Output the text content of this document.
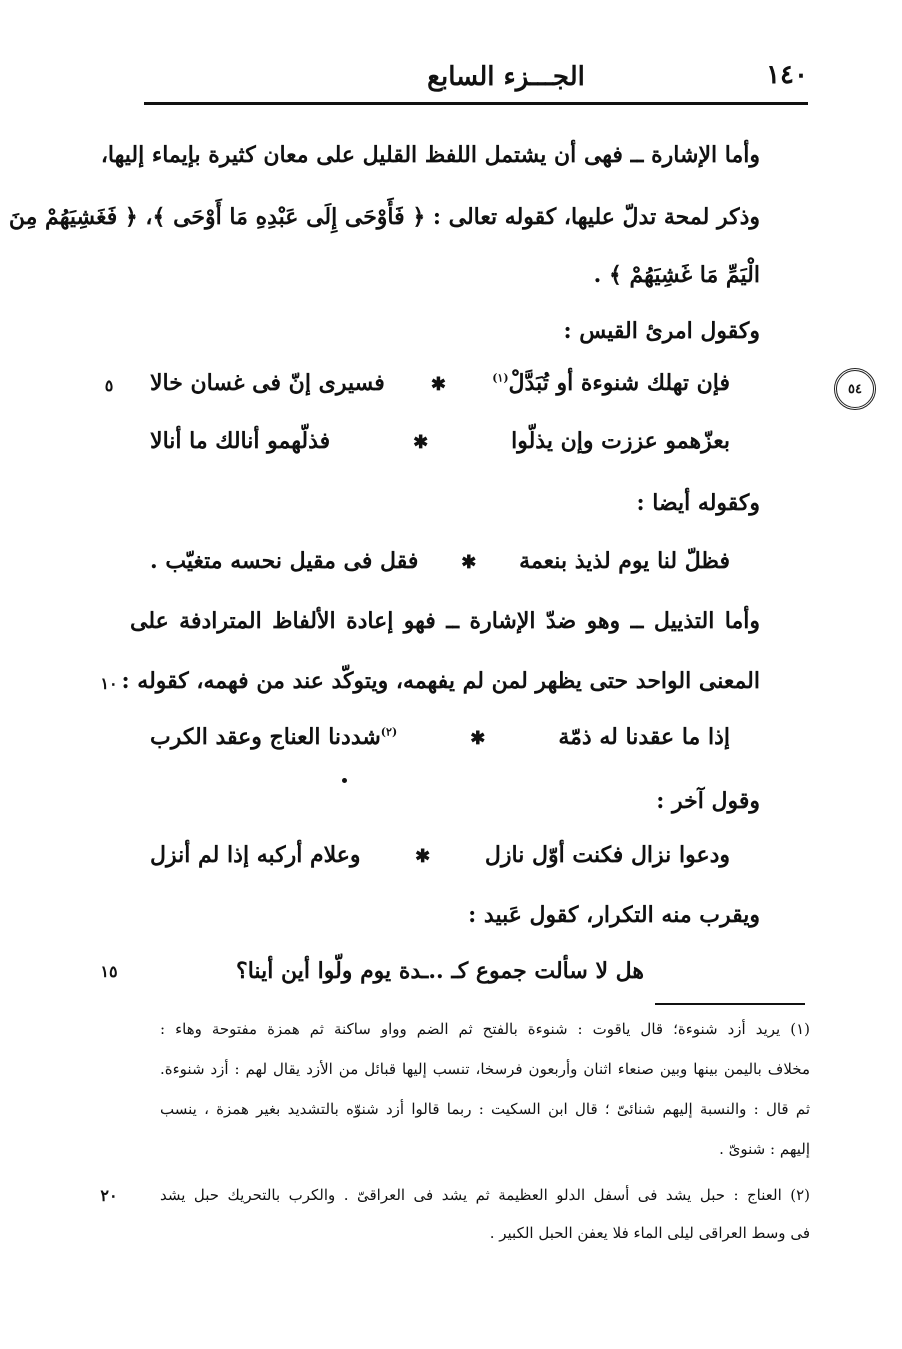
١٤٠
الجـــزء السابع
وأما الإشارة ــ فهى أن يشتمل اللفظ القليل على معان كثيرة بإيماء إليها،
وذكر لمحة تدلّ عليها، كقوله تعالى : ﴿ فَأَوْحَى إِلَى عَبْدِهِ مَا أَوْحَى ﴾، ﴿ فَغَشِيَهُمْ مِنَ
الْيَمِّ مَا غَشِيَهُمْ ﴾ .
وكقول امرئ القيس :
فإن تهلك شنوءة أو تُبَدَّلْ$^{(١)}$
✱
فسيرى إنّ فى غسان خالا
بعزّهمو عززت وإن يذلّوا
✱
فذلّهمو أنالك ما أنالا
وكقوله أيضا :
فظلّ لنا يوم لذيذ بنعمة
✱
فقل فى مقيل نحسه متغيّب .
وأما التذييل ــ وهو ضدّ الإشارة ــ فهو إعادة الألفاظ المترادفة على
المعنى الواحد حتى يظهر لمن لم يفهمه، ويتوكّد عند من فهمه، كقوله :
إذا ما عقدنا له ذمّة
✱
$^{(٢)}$شددنا العناج وعقد الكرب
وقول آخر :
ودعوا نزال فكنت أوّل نازل
✱
وعلام أركبه إذا لم أنزل
ويقرب منه التكرار، كقول عَبيد :
هل لا سألت جموع كـ ..ـدة يوم ولّوا أين أينا؟
٥٤
٥
١٠
١٥
٢٠
(١) يريد أزد شنوءة؛ قال ياقوت : شنوءة بالفتح ثم الضم وواو ساكنة ثم همزة مفتوحة وهاء :
مخلاف باليمن بينها وبين صنعاء اثنان وأربعون فرسخا، تنسب إليها قبائل من الأزد يقال لهم : أزد شنوءة.
ثم قال : والنسبة إليهم شنائىّ ؛ قال ابن السكيت : ربما قالوا أزد شنوّه بالتشديد بغير همزة ، ينسب
إليهم : شنوىّ .
(٢) العناج : حبل يشد فى أسفل الدلو العظيمة ثم يشد فى العراقىّ . والكرب بالتحريك حبل يشد
فى وسط العراقى ليلى الماء فلا يعفن الحبل الكبير .
